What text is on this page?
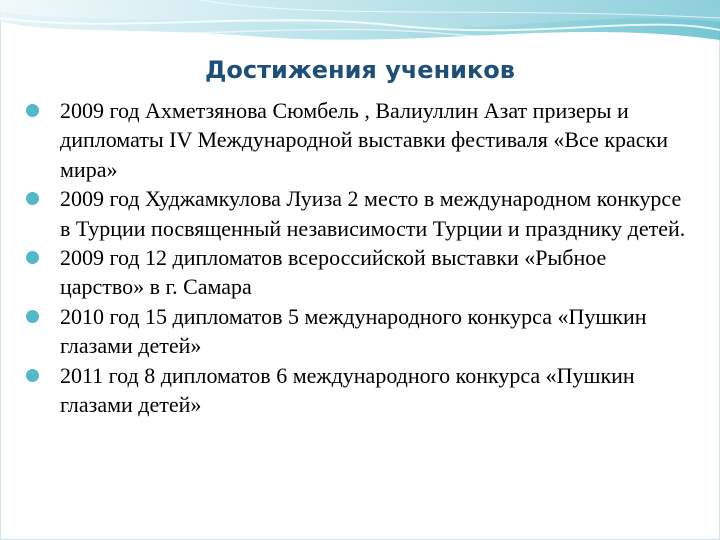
Достижения учеников
2009 год Ахметзянова Сюмбель , Валиуллин Азат призеры и дипломаты IV Международной выставки фестиваля «Все краски мира»
2009 год Худжамкулова Луиза 2 место в международном конкурсе в Турции посвященный независимости Турции и празднику детей.
2009 год 12 дипломатов всероссийской выставки «Рыбное царство» в г. Самара
2010 год 15 дипломатов 5 международного конкурса «Пушкин глазами детей»
2011 год 8 дипломатов 6 международного конкурса «Пушкин глазами детей»
